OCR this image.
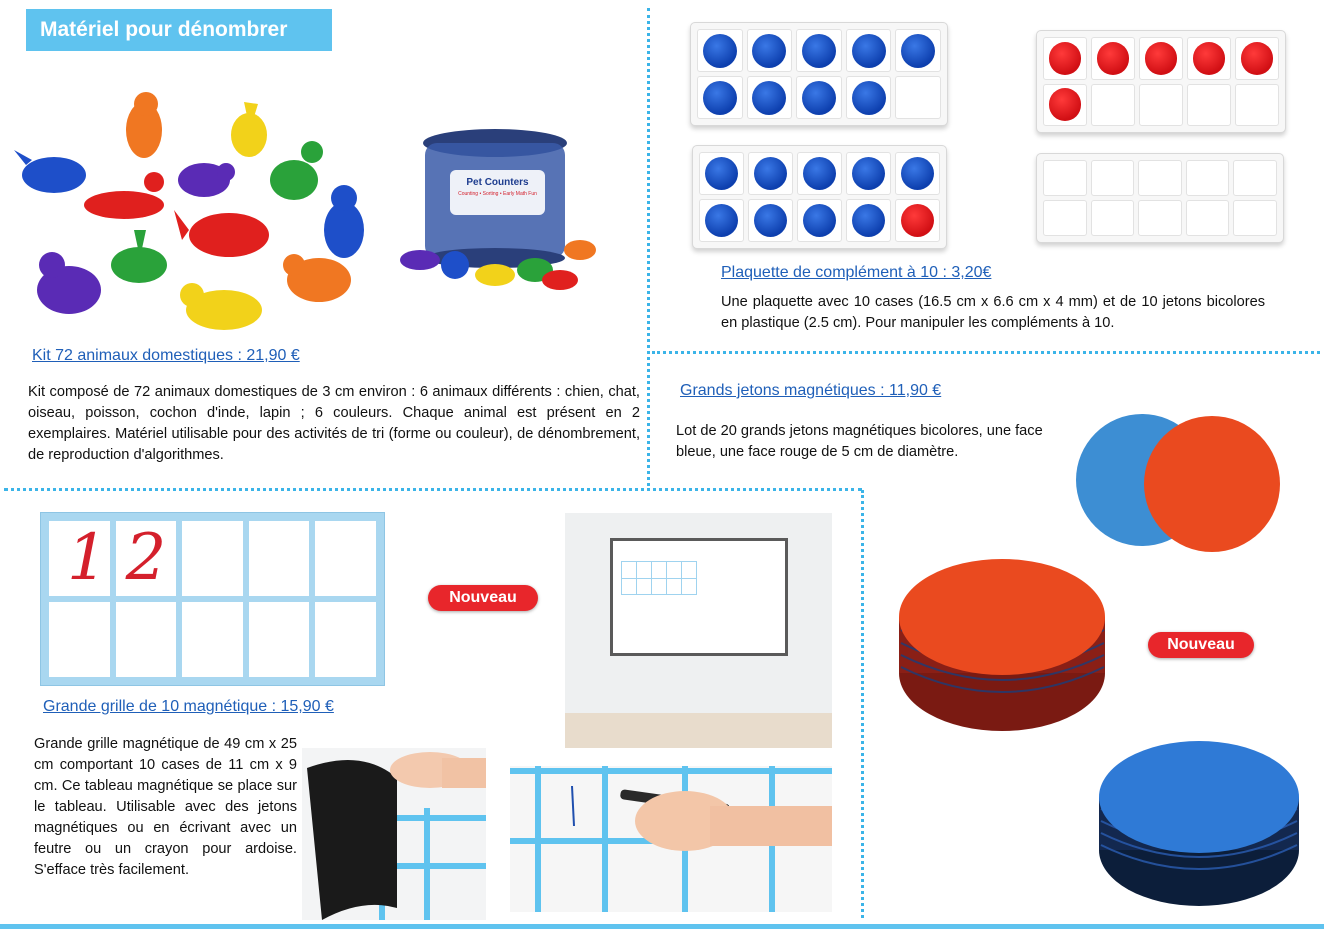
Matériel pour dénombrer
Pet Counters
Counting • Sorting • Early Math Fun
Kit 72 animaux domestiques : 21,90 €
Kit composé de 72 animaux domestiques de 3 cm environ : 6 animaux différents : chien, chat, oiseau, poisson, cochon d'inde, lapin ; 6 couleurs. Chaque animal est présent en 2 exemplaires. Matériel utilisable pour des activités de tri (forme ou couleur), de dénombrement, de reproduction d'algorithmes.
Plaquette de complément à 10 : 3,20€
Une plaquette avec 10 cases (16.5 cm x 6.6 cm x 4 mm) et de 10 jetons bicolores en plastique (2.5 cm). Pour manipuler les compléments à 10.
Grands jetons magnétiques : 11,90 €
Lot de 20 grands jetons magnétiques bicolores, une face bleue, une face rouge de 5 cm de diamètre.
Nouveau
1 2
Nouveau
Grande grille de 10 magnétique : 15,90 €
Grande grille magnétique de 49 cm x 25 cm comportant 10 cases de 11 cm x 9 cm. Ce tableau magnétique se place sur le tableau. Utilisable avec des jetons magnétiques ou en écrivant avec un feutre ou un crayon pour ardoise. S'efface très facilement.
